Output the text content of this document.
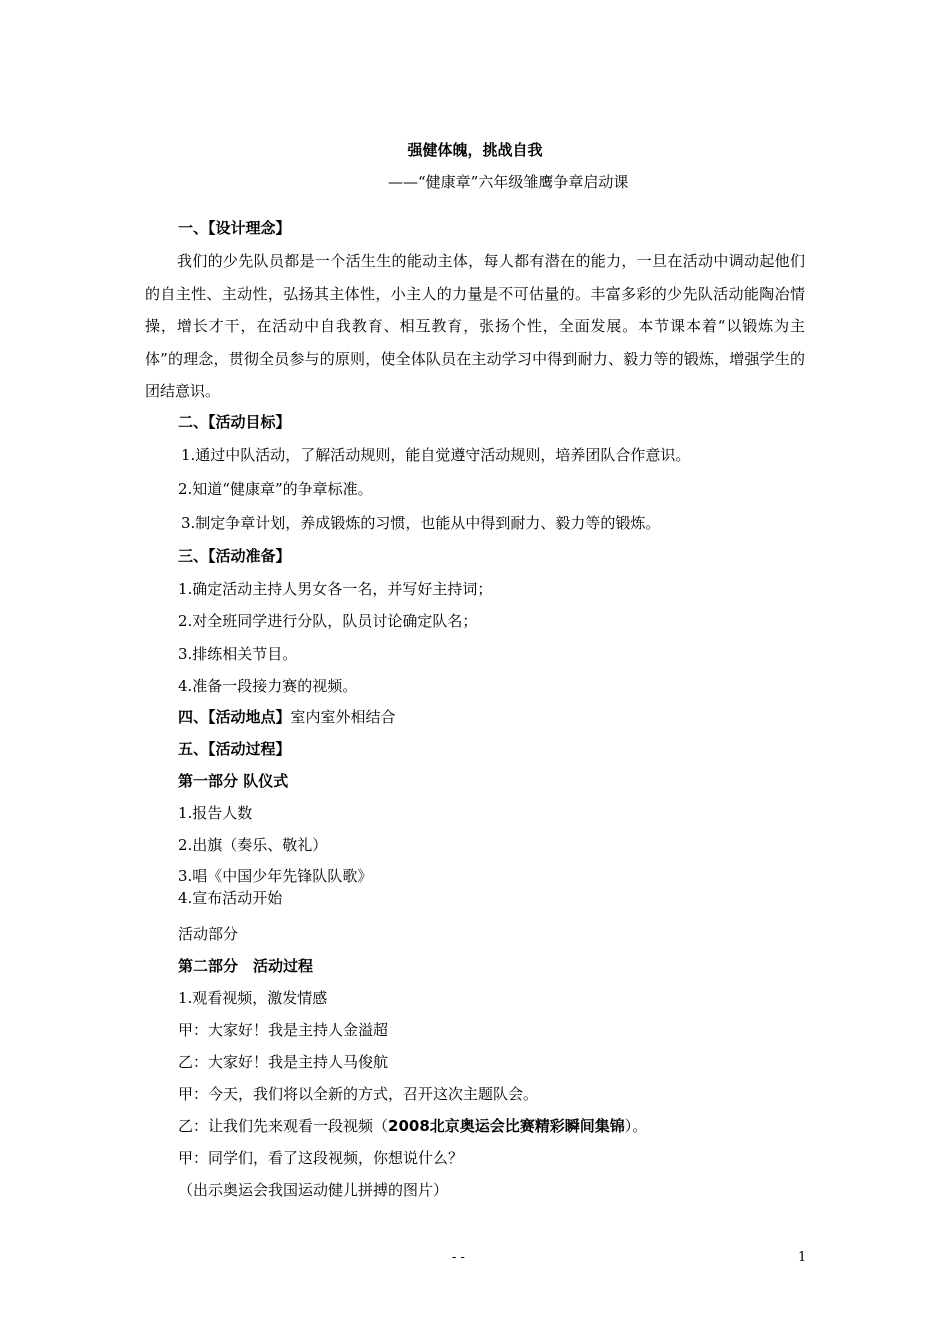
强健体魄，挑战自我
——“健康章”六年级雏鹰争章启动课
一、【设计理念】
我们的少先队员都是一个活生生的能动主体，每人都有潜在的能力，一旦在活动中调动起他们的自主性、主动性，弘扬其主体性，小主人的力量是不可估量的。丰富多彩的少先队活动能陶冶情操，增长才干，在活动中自我教育、相互教育，张扬个性，全面发展。本节课本着“以锻炼为主体”的理念，贯彻全员参与的原则，使全体队员在主动学习中得到耐力、毅力等的锻炼，增强学生的团结意识。
二、【活动目标】
1.通过中队活动，了解活动规则，能自觉遵守活动规则，培养团队合作意识。
2.知道“健康章”的争章标准。
3.制定争章计划，养成锻炼的习惯，也能从中得到耐力、毅力等的锻炼。
三、【活动准备】
1.确定活动主持人男女各一名，并写好主持词；
2.对全班同学进行分队，队员讨论确定队名；
3.排练相关节目。
4.准备一段接力赛的视频。
四、【活动地点】室内室外相结合
五、【活动过程】
第一部分 队仪式
1.报告人数
2.出旗（奏乐、敬礼）
3.唱《中国少年先锋队队歌》
4.宣布活动开始
活动部分
第二部分　活动过程
1.观看视频，激发情感
甲：大家好！我是主持人金溢超
乙：大家好！我是主持人马俊航
甲：今天，我们将以全新的方式，召开这次主题队会。
乙：让我们先来观看一段视频（2008北京奥运会比赛精彩瞬间集锦）。
甲：同学们，看了这段视频，你想说什么？
（出示奥运会我国运动健儿拼搏的图片）
- -	1
